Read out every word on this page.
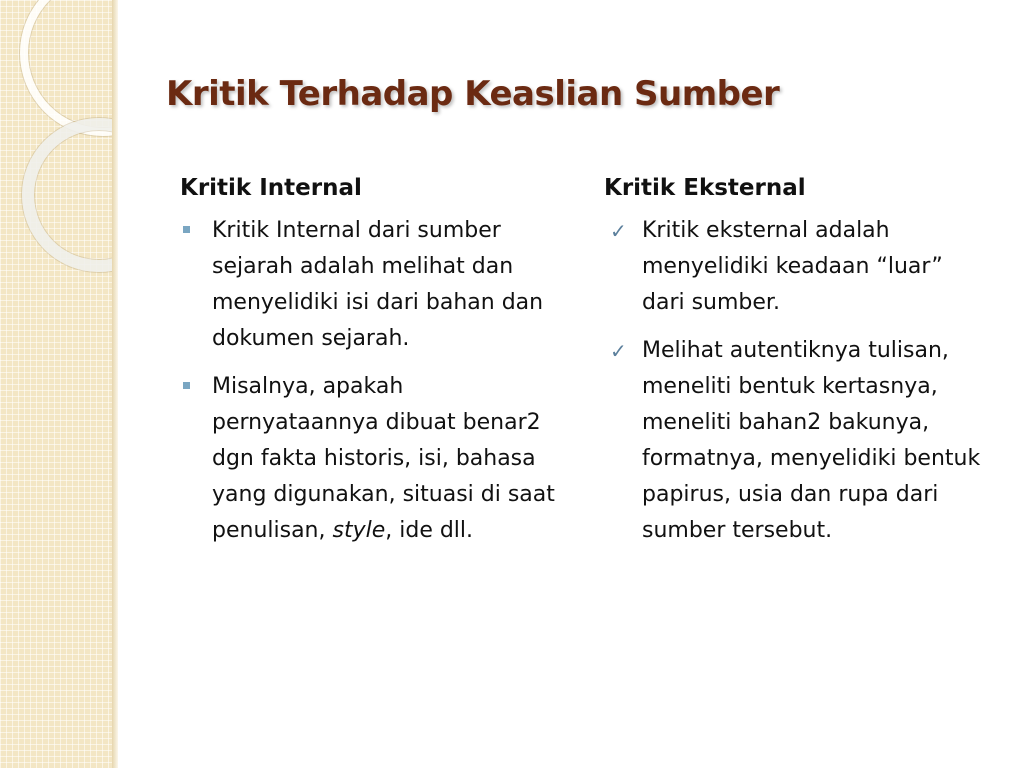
Kritik Terhadap Keaslian Sumber
Kritik Internal
Kritik Internal dari sumber sejarah adalah melihat dan menyelidiki isi dari bahan dan dokumen sejarah.
Misalnya, apakah pernyataannya dibuat benar2 dgn fakta historis, isi, bahasa yang digunakan, situasi di saat penulisan, style, ide dll.
Kritik Eksternal
✓ Kritik eksternal adalah menyelidiki keadaan “luar” dari sumber.
✓ Melihat autentiknya tulisan, meneliti bentuk kertasnya, meneliti bahan2 bakunya, formatnya, menyelidiki bentuk papirus, usia dan rupa dari sumber tersebut.
